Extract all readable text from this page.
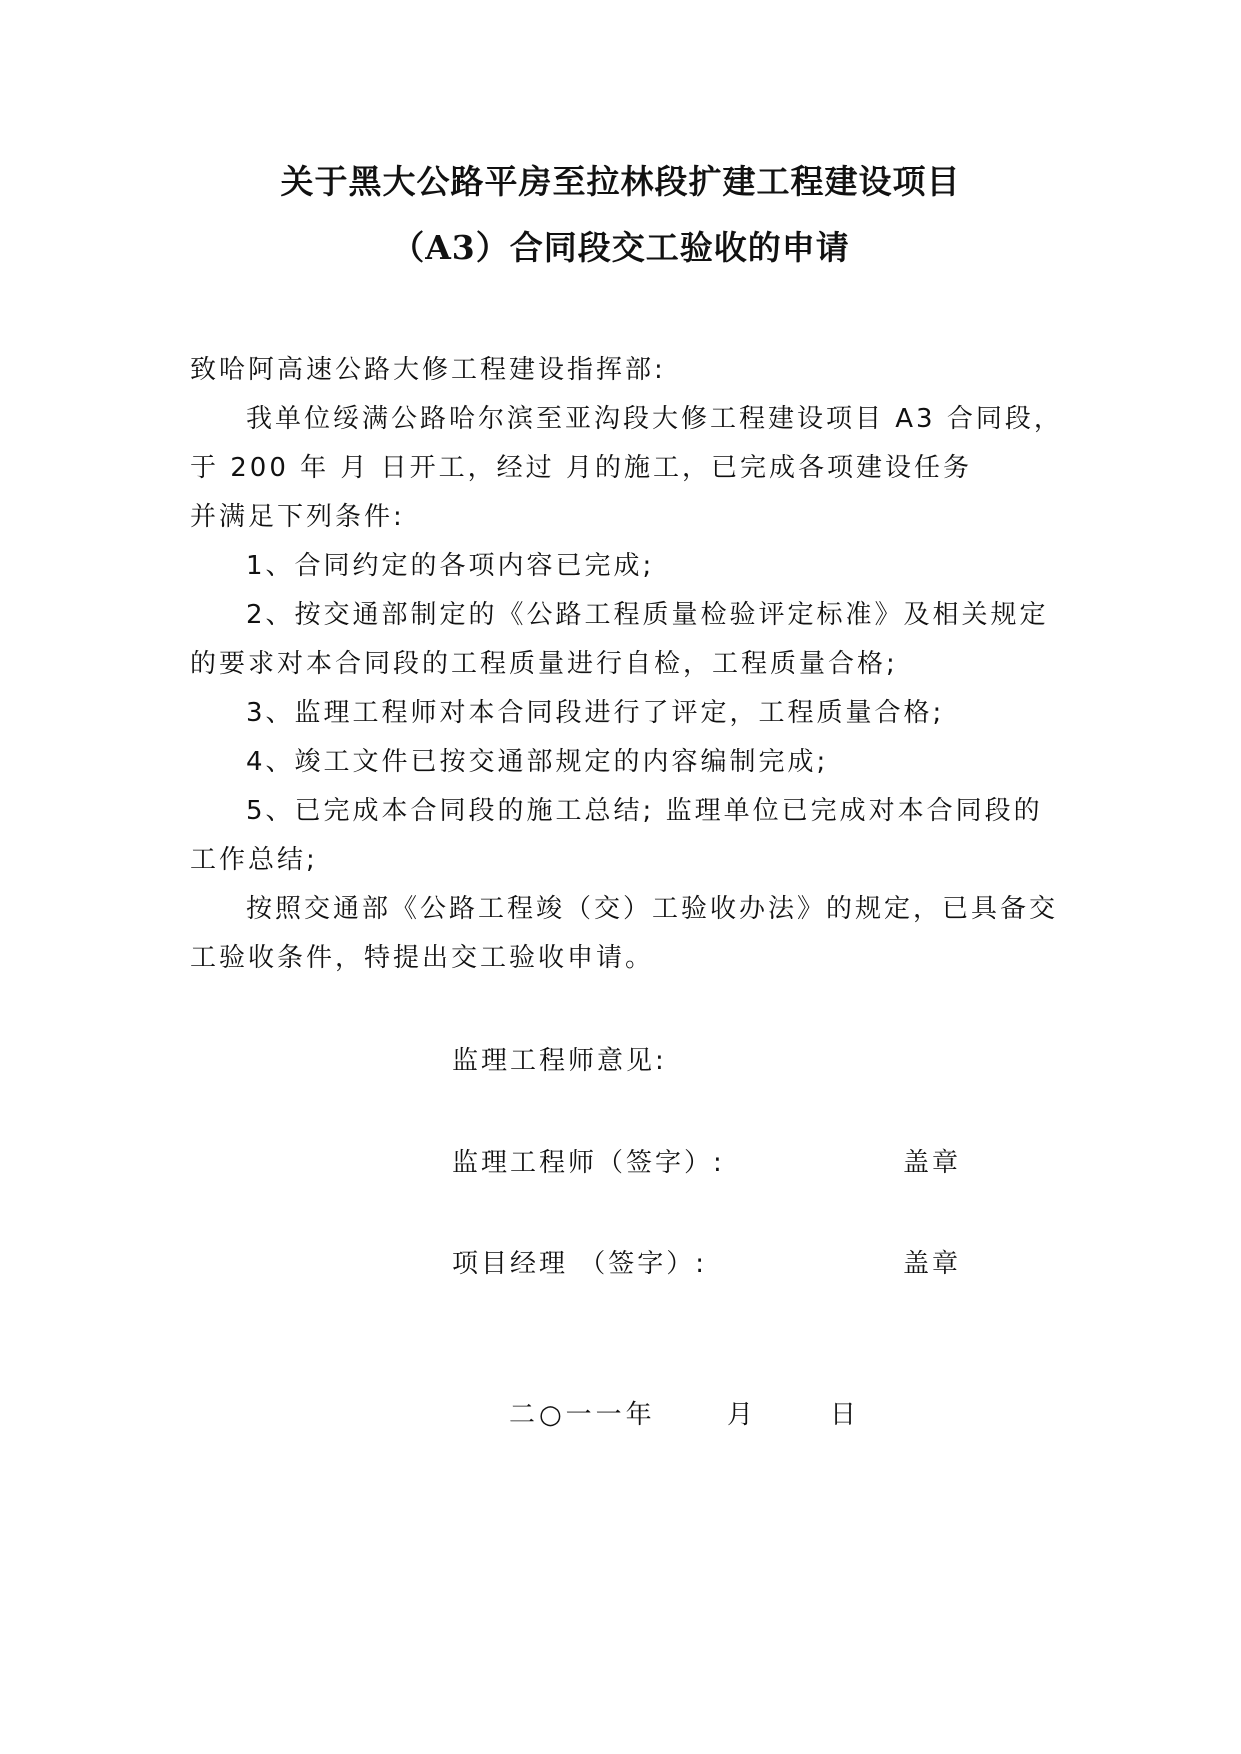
关于黑大公路平房至拉林段扩建工程建设项目
（A3）合同段交工验收的申请
致哈阿高速公路大修工程建设指挥部:
我单位绥满公路哈尔滨至亚沟段大修工程建设项目 A3 合同段，
于 200 年 月 日开工，经过 月的施工，已完成各项建设任务
并满足下列条件:
1、合同约定的各项内容已完成;
2、按交通部制定的《公路工程质量检验评定标准》及相关规定
的要求对本合同段的工程质量进行自检，工程质量合格;
3、监理工程师对本合同段进行了评定，工程质量合格;
4、竣工文件已按交通部规定的内容编制完成;
5、已完成本合同段的施工总结; 监理单位已完成对本合同段的
工作总结;
按照交通部《公路工程竣（交）工验收办法》的规定，已具备交
工验收条件，特提出交工验收申请。
监理工程师意见:
监理工程师（签字）:	盖章
项目经理 （签字）:	盖章
二○一一年	月	日
